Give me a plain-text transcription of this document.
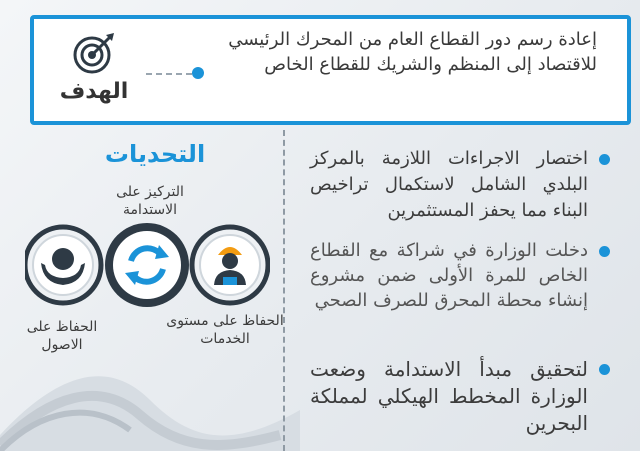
الهدف
إعادة رسم دور القطاع العام من المحرك الرئيسي للاقتصاد إلى المنظم والشريك للقطاع الخاص
اختصار الاجراءات اللازمة بالمركز البلدي الشامل لاستكمال تراخيص البناء مما يحفز المستثمرين
دخلت الوزارة في شراكة مع القطاع الخاص للمرة الأولى ضمن مشروع إنشاء محطة المحرق للصرف الصحي
لتحقيق مبدأ الاستدامة وضعت الوزارة المخطط الهيكلي لمملكة البحرين
التحديات
التركيز على الاستدامة
الحفاظ على الاصول
الحفاظ على مستوى الخدمات
